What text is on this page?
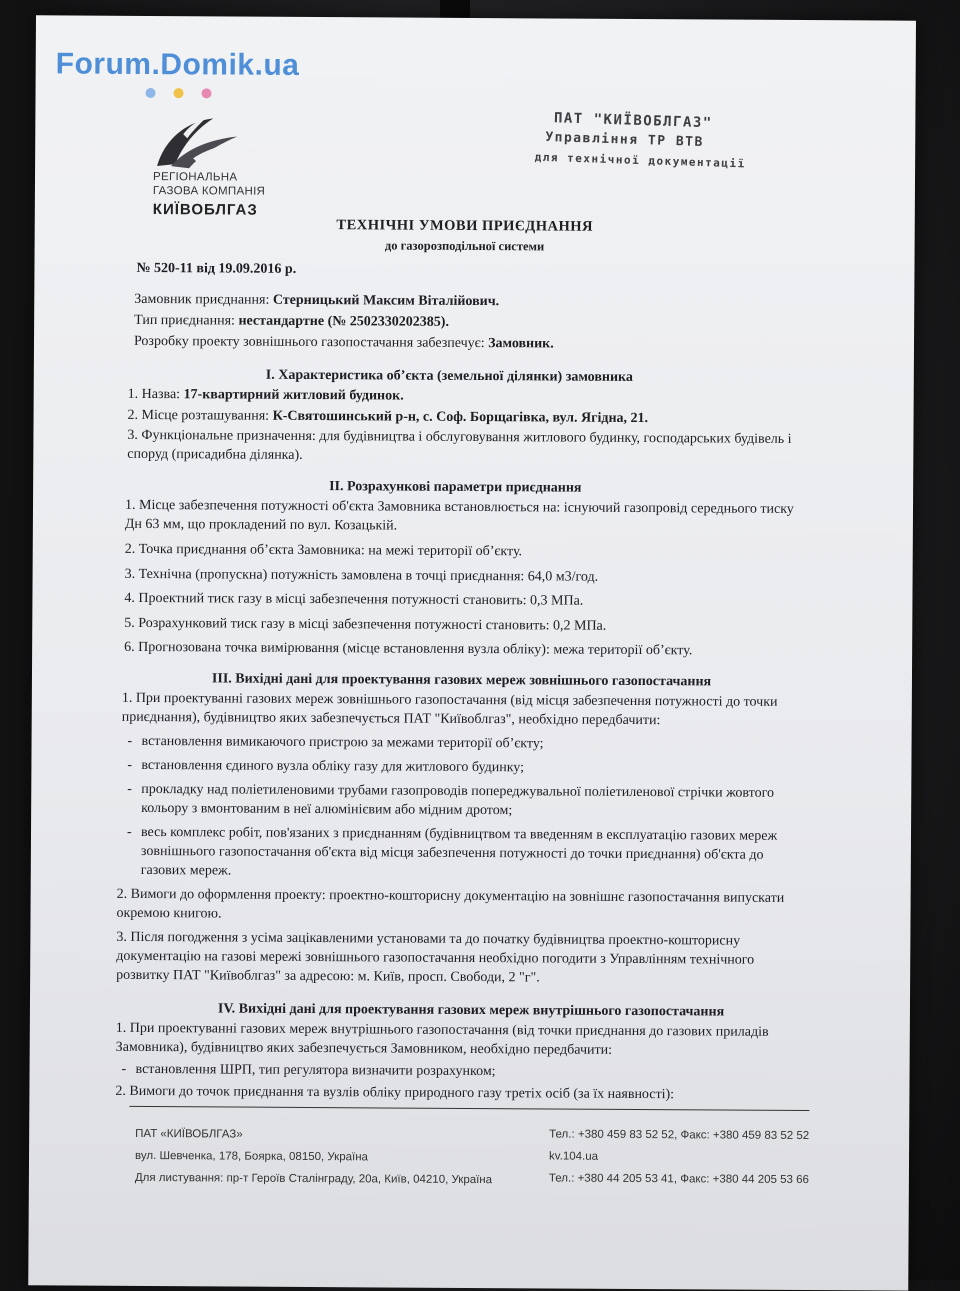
Forum.Domik.ua
РЕГІОНАЛЬНА
ГАЗОВА КОМПАНІЯ
КИЇВОБЛГАЗ
ПАТ "КИЇВОБЛГАЗ"
Управління ТР ВТВ
для технічної документації
ТЕХНІЧНІ УМОВИ ПРИЄДНАННЯ
до газорозподільної системи
№ 520-11 від 19.09.2016 р.
Замовник приєднання: Стерницький Максим Віталійович.
Тип приєднання: нестандартне (№ 2502330202385).
Розробку проекту зовнішнього газопостачання забезпечує: Замовник.
І. Характеристика об’єкта (земельної ділянки) замовника
1. Назва: 17-квартирний житловий будинок.
2. Місце розташування: К-Святошинський р-н, с. Соф. Борщагівка, вул. Ягідна, 21.
3. Функціональне призначення: для будівництва і обслуговування житлового будинку, господарських будівель і
споруд (присадибна ділянка).
ІІ. Розрахункові параметри приєднання
1. Місце забезпечення потужності об'єкта Замовника встановлюється на: існуючий газопровід середнього тиску
Дн 63 мм, що прокладений по вул. Козацькій.
2. Точка приєднання об’єкта Замовника: на межі території об’єкту.
3. Технічна (пропускна) потужність замовлена в точці приєднання: 64,0 м3/год.
4. Проектний тиск газу в місці забезпечення потужності становить: 0,3 МПа.
5. Розрахунковий тиск газу в місці забезпечення потужності становить: 0,2 МПа.
6. Прогнозована точка вимірювання (місце встановлення вузла обліку): межа території об’єкту.
ІІІ. Вихідні дані для проектування газових мереж зовнішнього газопостачання
1. При проектуванні газових мереж зовнішнього газопостачання (від місця забезпечення потужності до точки
приєднання), будівництво яких забезпечується ПАТ "Київоблгаз", необхідно передбачити:
- встановлення вимикаючого пристрою за межами території об’єкту;
- встановлення єдиного вузла обліку газу для житлового будинку;
- прокладку над поліетиленовими трубами газопроводів попереджувальної поліетиленової стрічки жовтого
кольору з вмонтованим в неї алюмінієвим або мідним дротом;
- весь комплекс робіт, пов'язаних з приєднанням (будівництвом та введенням в експлуатацію газових мереж
зовнішнього газопостачання об'єкта від місця забезпечення потужності до точки приєднання) об'єкта до
газових мереж.
2. Вимоги до оформлення проекту: проектно-кошторисну документацію на зовнішнє газопостачання випускати
окремою книгою.
3. Після погодження з усіма зацікавленими установами та до початку будівництва проектно-кошторисну
документацію на газові мережі зовнішнього газопостачання необхідно погодити з Управлінням технічного
розвитку ПАТ "Київоблгаз" за адресою: м. Київ, просп. Свободи, 2 "г".
IV. Вихідні дані для проектування газових мереж внутрішнього газопостачання
1. При проектуванні газових мереж внутрішнього газопостачання (від точки приєднання до газових приладів
Замовника), будівництво яких забезпечується Замовником, необхідно передбачити:
- встановлення ШРП, тип регулятора визначити розрахунком;
2. Вимоги до точок приєднання та вузлів обліку природного газу третіх осіб (за їх наявності):
ПАТ «КИЇВОБЛГАЗ»
вул. Шевченка, 178, Боярка, 08150, Україна
Для листування: пр-т Героїв Сталінграду, 20а, Київ, 04210, Україна
Тел.: +380 459 83 52 52, Факс: +380 459 83 52 52
kv.104.ua
Тел.: +380 44 205 53 41, Факс: +380 44 205 53 66
